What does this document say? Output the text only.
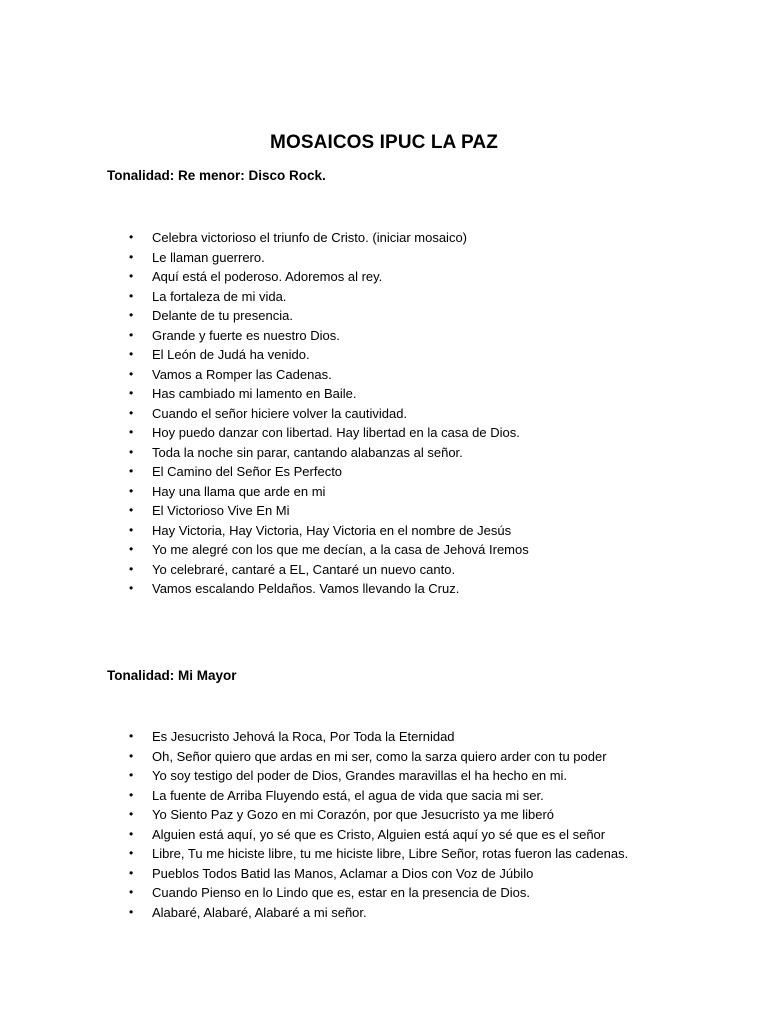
MOSAICOS IPUC LA PAZ
Tonalidad: Re menor: Disco Rock.
• Celebra victorioso el triunfo de Cristo. (iniciar mosaico)
• Le llaman guerrero.
• Aquí está el poderoso. Adoremos al rey.
• La fortaleza de mi vida.
• Delante de tu presencia.
• Grande y fuerte es nuestro Dios.
• El León de Judá ha venido.
• Vamos a Romper las Cadenas.
• Has cambiado mi lamento en Baile.
• Cuando el señor hiciere volver la cautividad.
• Hoy puedo danzar con libertad. Hay libertad en la casa de Dios.
• Toda la noche sin parar, cantando alabanzas al señor.
• El Camino del Señor Es Perfecto
• Hay una llama que arde en mi
• El Victorioso Vive En Mi
• Hay Victoria, Hay Victoria, Hay Victoria en el nombre de Jesús
• Yo me alegré con los que me decían, a la casa de Jehová Iremos
• Yo celebraré, cantaré a EL, Cantaré un nuevo canto.
• Vamos escalando Peldaños. Vamos llevando la Cruz.
Tonalidad: Mi Mayor
• Es Jesucristo Jehová la Roca, Por Toda la Eternidad
• Oh, Señor quiero que ardas en mi ser, como la sarza quiero arder con tu poder
• Yo soy testigo del poder de Dios, Grandes maravillas el ha hecho en mi.
• La fuente de Arriba Fluyendo está, el agua de vida que sacia mi ser.
• Yo Siento Paz y Gozo en mi Corazón, por que Jesucristo ya me liberó
• Alguien está aquí, yo sé que es Cristo, Alguien está aquí yo sé que es el señor
• Libre, Tu me hiciste libre, tu me hiciste libre, Libre Señor, rotas fueron las cadenas.
• Pueblos Todos Batid las Manos, Aclamar a Dios con Voz de Júbilo
• Cuando Pienso en lo Lindo que es, estar en la presencia de Dios.
• Alabaré, Alabaré, Alabaré a mi señor.
